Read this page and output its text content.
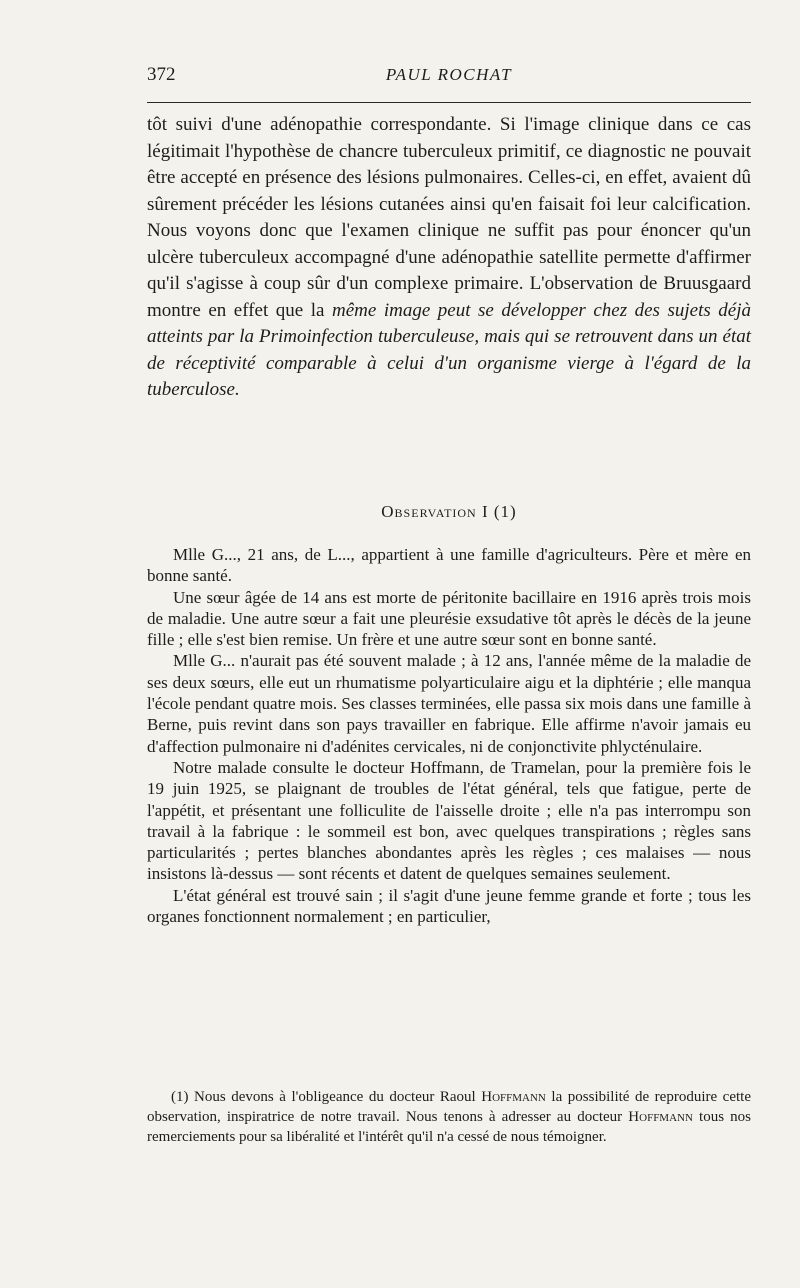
372	PAUL ROCHAT

tôt suivi d'une adénopathie correspondante. Si l'image clinique dans ce cas légitimait l'hypothèse de chancre tuberculeux primitif, ce diagnostic ne pouvait être accepté en présence des lésions pulmonaires. Celles-ci, en effet, avaient dû sûrement précéder les lésions cutanées ainsi qu'en faisait foi leur calcification. Nous voyons donc que l'examen clinique ne suffit pas pour énoncer qu'un ulcère tuberculeux accompagné d'une adénopathie satellite permette d'affirmer qu'il s'agisse à coup sûr d'un complexe primaire. L'observation de Bruusgaard montre en effet que la même image peut se développer chez des sujets déjà atteints par la Primoinfection tuberculeuse, mais qui se retrouvent dans un état de réceptivité comparable à celui d'un organisme vierge à l'égard de la tuberculose.

Observation I (1)

Mlle G..., 21 ans, de L..., appartient à une famille d'agriculteurs. Père et mère en bonne santé.

Une sœur âgée de 14 ans est morte de péritonite bacillaire en 1916 après trois mois de maladie. Une autre sœur a fait une pleurésie exsudative tôt après le décès de la jeune fille ; elle s'est bien remise. Un frère et une autre sœur sont en bonne santé.

Mlle G... n'aurait pas été souvent malade ; à 12 ans, l'année même de la maladie de ses deux sœurs, elle eut un rhumatisme polyarticulaire aigu et la diphtérie ; elle manqua l'école pendant quatre mois. Ses classes terminées, elle passa six mois dans une famille à Berne, puis revint dans son pays travailler en fabrique. Elle affirme n'avoir jamais eu d'affection pulmonaire ni d'adénites cervicales, ni de conjonctivite phlycténulaire.

Notre malade consulte le docteur Hoffmann, de Tramelan, pour la première fois le 19 juin 1925, se plaignant de troubles de l'état général, tels que fatigue, perte de l'appétit, et présentant une folliculite de l'aisselle droite ; elle n'a pas interrompu son travail à la fabrique : le sommeil est bon, avec quelques transpirations ; règles sans particularités ; pertes blanches abondantes après les règles ; ces malaises — nous insistons là-dessus — sont récents et datent de quelques semaines seulement.

L'état général est trouvé sain ; il s'agit d'une jeune femme grande et forte ; tous les organes fonctionnent normalement ; en particulier,

(1) Nous devons à l'obligeance du docteur Raoul Hoffmann la possibilité de reproduire cette observation, inspiratrice de notre travail. Nous tenons à adresser au docteur Hoffmann tous nos remerciements pour sa libéralité et l'intérêt qu'il n'a cessé de nous témoigner.
